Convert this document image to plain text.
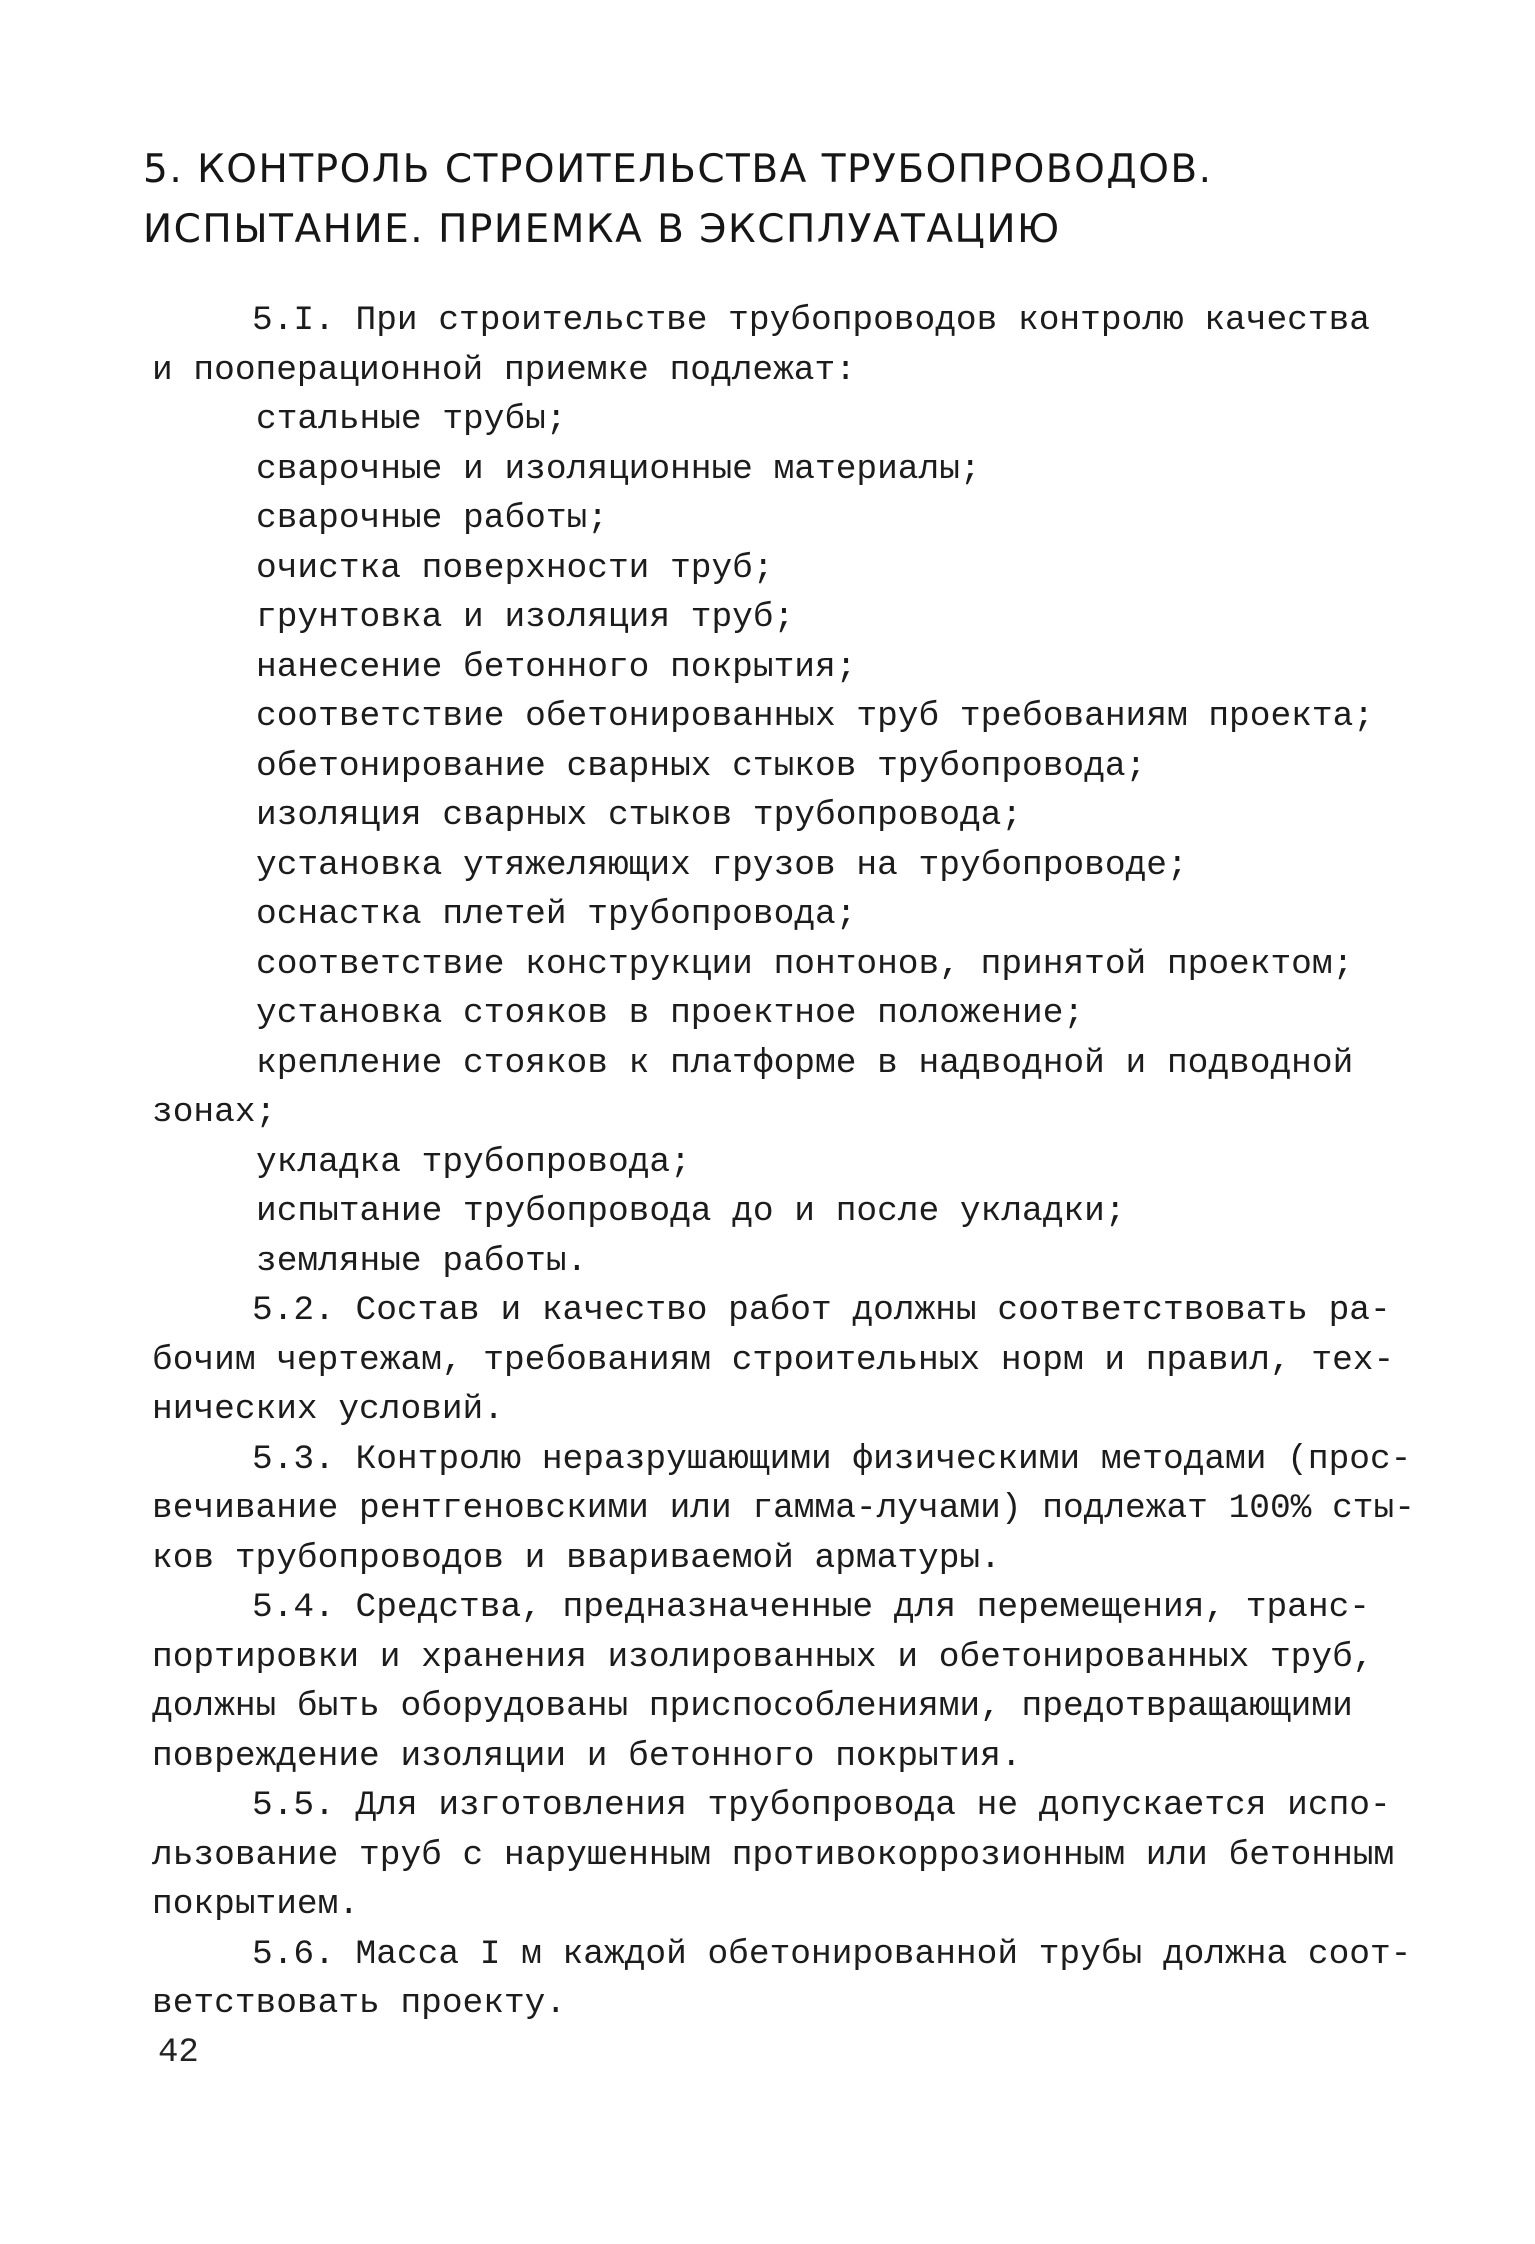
5. КОНТРОЛЬ СТРОИТЕЛЬСТВА ТРУБОПРОВОДОВ.
ИСПЫТАНИЕ. ПРИЕМКА В ЭКСПЛУАТАЦИЮ
5.I. При строительстве трубопроводов контролю качества
и пооперационной приемке подлежат:
стальные трубы;
сварочные и изоляционные материалы;
сварочные работы;
очистка поверхности труб;
грунтовка и изоляция труб;
нанесение бетонного покрытия;
соответствие обетонированных труб требованиям проекта;
обетонирование сварных стыков трубопровода;
изоляция сварных стыков трубопровода;
установка утяжеляющих грузов на трубопроводе;
оснастка плетей трубопровода;
соответствие конструкции понтонов, принятой проектом;
установка стояков в проектное положение;
крепление стояков к платформе в надводной и подводной
зонах;
укладка трубопровода;
испытание трубопровода до и после укладки;
земляные работы.
5.2. Состав и качество работ должны соответствовать ра-
бочим чертежам, требованиям строительных норм и правил, тех-
нических условий.
5.3. Контролю неразрушающими физическими методами (прос-
вечивание рентгеновскими или гамма-лучами) подлежат 100% сты-
ков трубопроводов и ввариваемой арматуры.
5.4. Средства, предназначенные для перемещения, транс-
портировки и хранения изолированных и обетонированных труб,
должны быть оборудованы приспособлениями, предотвращающими
повреждение изоляции и бетонного покрытия.
5.5. Для изготовления трубопровода не допускается испо-
льзование труб с нарушенным противокоррозионным или бетонным
покрытием.
5.6. Масса I м каждой обетонированной трубы должна соот-
ветствовать проекту.
42
